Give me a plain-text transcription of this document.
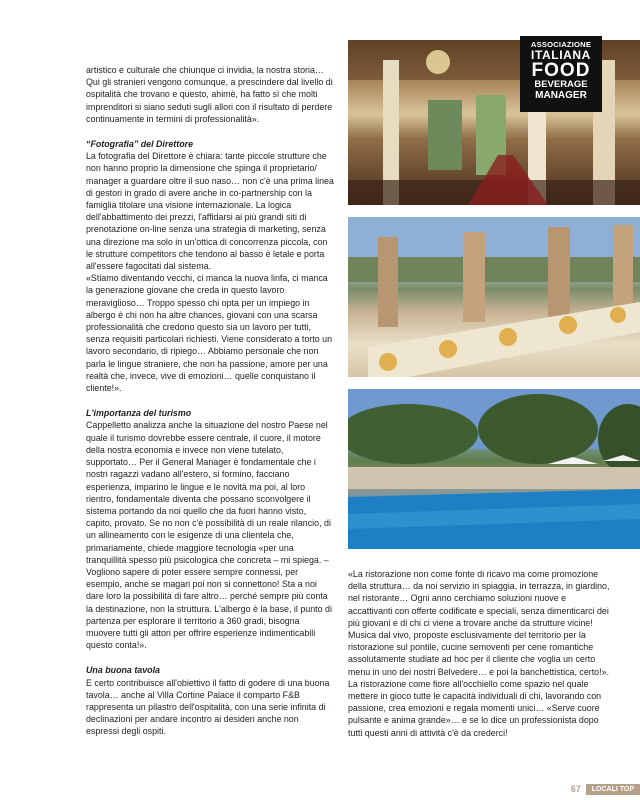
artistico e culturale che chiunque ci invidia, la nostra storia… Qui gli stranieri vengono comunque, a prescindere dal livello di ospitalità che trovano e questo, ahimè, ha fatto sì che molti imprenditori si siano seduti sugli allori con il risultato di perdere continuamente in termini di professionalità».

“Fotografia” del Direttore

La fotografia del Direttore è chiara: tante piccole strutture che non hanno proprio la dimensione che spinga il proprietario/ manager a guardare oltre il suo naso… non c'è una prima linea di gestori in grado di avere anche in co-partnership con la famiglia titolare una visione internazionale. La logica dell'abbattimento dei prezzi, l'affidarsi ai più grandi siti di prenotazione on-line senza una strategia di marketing, senza una direzione ma solo in un'ottica di concorrenza piccola, con le strutture competitors che tendono al basso è letale e porta all'essere fagocitati dal sistema.

«Stiamo diventando vecchi, ci manca la nuova linfa, ci manca la generazione giovane che creda in questo lavoro meraviglioso… Troppo spesso chi opta per un impiego in albergo è chi non ha altre chances, giovani con una scarsa professionalità che credono questo sia un lavoro per tutti, senza requisiti particolari richiesti. Viene considerato a torto un lavoro secondario, di ripiego… Abbiamo personale che non parla le lingue straniere, che non ha passione, amore per una realtà che, invece, vive di emozioni… quelle conquistano il cliente!».

L'importanza del turismo

Cappelletto analizza anche la situazione del nostro Paese nel quale il turismo dovrebbe essere centrale, il cuore, il motore della nostra economia e invece non viene tutelato, supportato… Per il General Manager è fondamentale che i nostri ragazzi vadano all'estero, si formino, facciano esperienza, imparino le lingue e le novità ma poi, al loro rientro, fondamentale diventa che possano sconvolgere il sistema portando da noi quello che da fuori hanno visto, capito, provato. Se no non c'è possibilità di un reale rilancio, di un allineamento con le esigenze di una clientela che, primariamente, chiede maggiore tecnologia «per una tranquillità spesso più psicologica che concreta – mi spiega. – Vogliono sapere di poter essere sempre connessi, per esempio, anche se magari poi non si connettono! Sta a noi dare loro la possibilità di fare altro… perché sempre più conta la destinazione, non la struttura. L'albergo è la base, il punto di partenza per esplorare il territorio a 360 gradi, bisogna muovere tutti gli attori per offrire esperienze indimenticabili questo conta!».

Una buona tavola

E certo contribuisce all'obiettivo il fatto di godere di una buona tavola… anche al Villa Cortine Palace il comparto F&B rappresenta un pilastro dell'ospitalità, con una serie infinita di declinazioni per andare incontro ai desideri anche non espressi degli ospiti.

ASSOCIAZIONE
ITALIANA
FOOD
BEVERAGE
MANAGER

«La ristorazione non come fonte di ricavo ma come promozione della struttura… da noi servizio in spiaggia, in terrazza, in giardino, nel ristorante… Ogni anno cerchiamo soluzioni nuove e accattivanti con offerte codificate e speciali, senza dimenticarci dei più giovani e di chi ci viene a trovare anche da strutture vicine! Musica dal vivo, proposte esclusivamente del territorio per la ristorazione sul pontile, cucine semoventi per cene romantiche assolutamente studiate ad hoc per il cliente che voglia un certo menu in uno dei nostri Belvedere… e poi la banchettistica, certo!».

La ristorazione come fiore all'occhiello come spazio nel quale mettere in gioco tutte le capacità individuali di chi, lavorando con passione, crea emozioni e regala momenti unici… «Serve cuore pulsante e anima grande»… e se lo dice un professionista dopo tutti questi anni di attività c'è da crederci!

67	LOCALI TOP
